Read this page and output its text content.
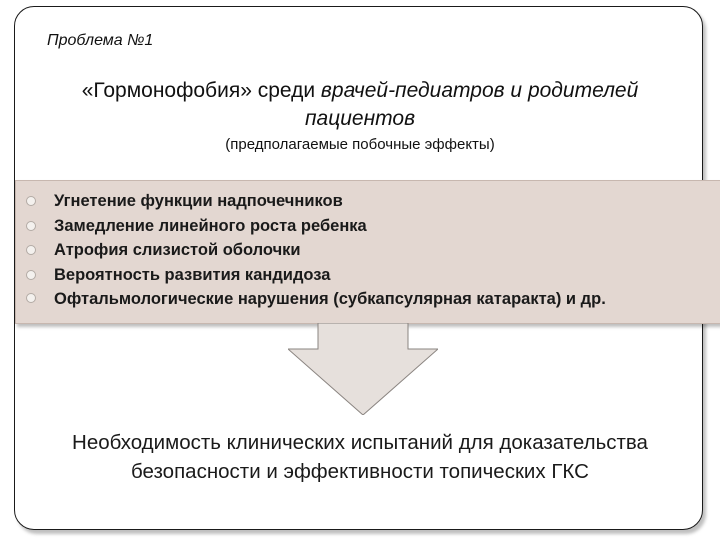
Проблема №1
«Гормонофобия» среди врачей-педиатров и родителей пациентов
(предполагаемые побочные эффекты)
Угнетение функции надпочечников
Замедление линейного роста ребенка
Атрофия слизистой оболочки
Вероятность развития кандидоза
Офтальмологические нарушения (субкапсулярная катаракта) и др.
Необходимость клинических испытаний для доказательства безопасности и эффективности топических ГКС
